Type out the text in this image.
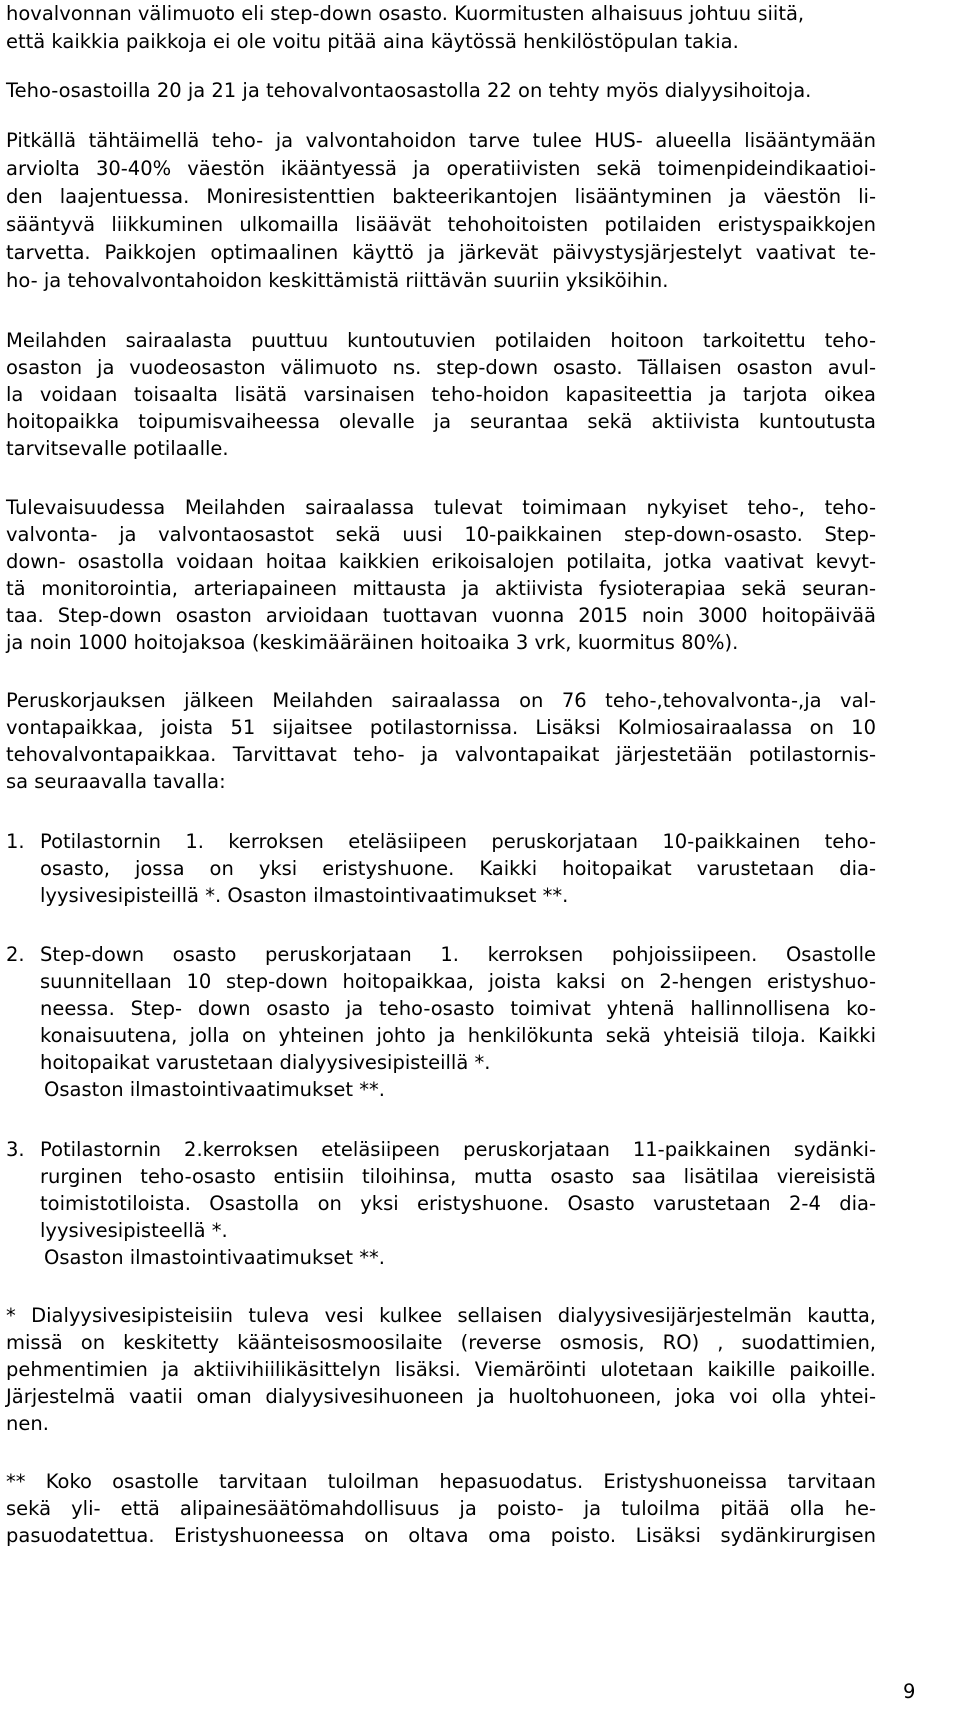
hovalvonnan välimuoto eli step-down osasto. Kuormitusten alhaisuus johtuu siitä,
että kaikkia paikkoja ei ole voitu pitää aina käytössä henkilöstöpulan takia.
Teho-osastoilla 20 ja 21 ja tehovalvontaosastolla 22 on tehty myös dialyysihoitoja.
Pitkällä tähtäimellä teho- ja valvontahoidon tarve tulee HUS- alueella lisääntymään
arviolta 30-40% väestön ikääntyessä ja operatiivisten sekä toimenpideindikaatioi-
den laajentuessa. Moniresistenttien bakteerikantojen lisääntyminen ja väestön li-
sääntyvä liikkuminen ulkomailla lisäävät tehohoitoisten potilaiden eristyspaikkojen
tarvetta. Paikkojen optimaalinen käyttö ja järkevät päivystysjärjestelyt vaativat te-
ho- ja tehovalvontahoidon keskittämistä riittävän suuriin yksiköihin.
Meilahden sairaalasta puuttuu kuntoutuvien potilaiden hoitoon tarkoitettu teho-
osaston ja vuodeosaston välimuoto ns. step-down osasto. Tällaisen osaston avul-
la voidaan toisaalta lisätä varsinaisen teho-hoidon kapasiteettia ja tarjota oikea
hoitopaikka toipumisvaiheessa olevalle ja seurantaa sekä aktiivista kuntoutusta
tarvitsevalle potilaalle.
Tulevaisuudessa Meilahden sairaalassa tulevat toimimaan nykyiset teho-, teho-
valvonta- ja valvontaosastot sekä uusi 10-paikkainen step-down-osasto. Step-
down- osastolla voidaan hoitaa kaikkien erikoisalojen potilaita, jotka vaativat kevyt-
tä monitorointia, arteriapaineen mittausta ja aktiivista fysioterapiaa sekä seuran-
taa. Step-down osaston arvioidaan tuottavan vuonna 2015 noin 3000 hoitopäivää
ja noin 1000 hoitojaksoa (keskimääräinen hoitoaika 3 vrk, kuormitus 80%).
Peruskorjauksen jälkeen Meilahden sairaalassa on 76 teho-,tehovalvonta-,ja val-
vontapaikkaa, joista 51 sijaitsee potilastornissa. Lisäksi Kolmiosairaalassa on 10
tehovalvontapaikkaa. Tarvittavat teho- ja valvontapaikat järjestetään potilastornis-
sa seuraavalla tavalla:
1. Potilastornin 1. kerroksen eteläsiipeen peruskorjataan 10-paikkainen teho-
osasto, jossa on yksi eristyshuone. Kaikki hoitopaikat varustetaan dia-
lyysivesipisteillä *. Osaston ilmastointivaatimukset **.
2. Step-down osasto peruskorjataan 1. kerroksen pohjoissiipeen. Osastolle
suunnitellaan 10 step-down hoitopaikkaa, joista kaksi on 2-hengen eristyshuo-
neessa. Step- down osasto ja teho-osasto toimivat yhtenä hallinnollisena ko-
konaisuutena, jolla on yhteinen johto ja henkilökunta sekä yhteisiä tiloja. Kaikki
hoitopaikat varustetaan dialyysivesipisteillä *.
Osaston ilmastointivaatimukset **.
3. Potilastornin 2.kerroksen eteläsiipeen peruskorjataan 11-paikkainen sydänki-
rurginen teho-osasto entisiin tiloihinsa, mutta osasto saa lisätilaa viereisistä
toimistotiloista. Osastolla on yksi eristyshuone. Osasto varustetaan 2-4 dia-
lyysivesipisteellä *.
Osaston ilmastointivaatimukset **.
* Dialyysivesipisteisiin tuleva vesi kulkee sellaisen dialyysivesijärjestelmän kautta,
missä on keskitetty käänteisosmoosilaite (reverse osmosis, RO) , suodattimien,
pehmentimien ja aktiivihiilikäsittelyn lisäksi. Viemäröinti ulotetaan kaikille paikoille.
Järjestelmä vaatii oman dialyysivesihuoneen ja huoltohuoneen, joka voi olla yhtei-
nen.
** Koko osastolle tarvitaan tuloilman hepasuodatus. Eristyshuoneissa tarvitaan
sekä yli- että alipainesäätömahdollisuus ja poisto- ja tuloilma pitää olla he-
pasuodatettua. Eristyshuoneessa on oltava oma poisto. Lisäksi sydänkirurgisen
9
